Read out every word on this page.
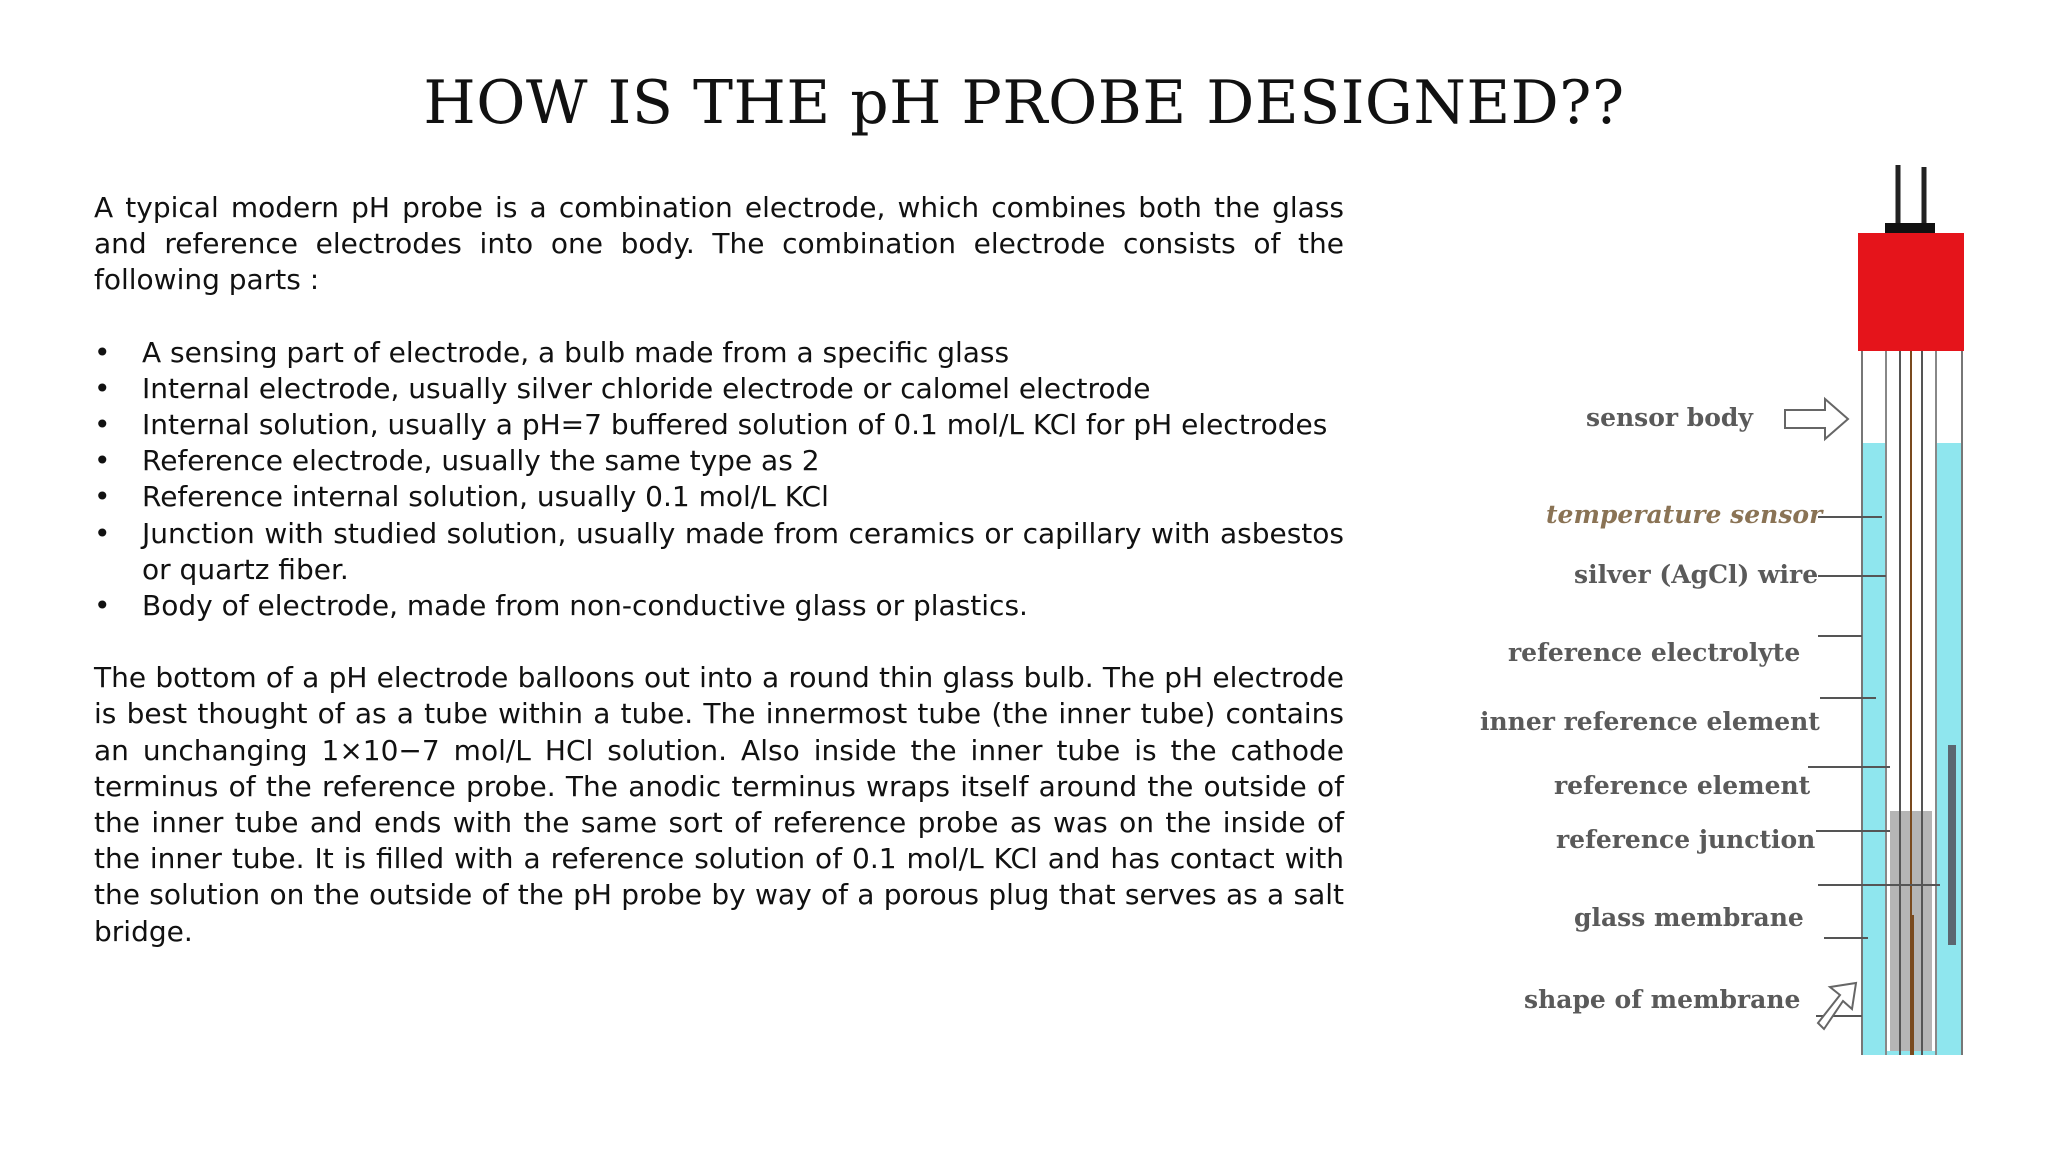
HOW IS THE pH PROBE DESIGNED??

A typical modern pH probe is a combination electrode, which combines both the glass and reference electrodes into one body. The combination electrode consists of the following parts :

• A sensing part of electrode, a bulb made from a specific glass
• Internal electrode, usually silver chloride electrode or calomel electrode
• Internal solution, usually a pH=7 buffered solution of 0.1 mol/L KCl for pH electrodes
• Reference electrode, usually the same type as 2
• Reference internal solution, usually 0.1 mol/L KCl
• Junction with studied solution, usually made from ceramics or capillary with asbestos or quartz fiber.
• Body of electrode, made from non-conductive glass or plastics.

The bottom of a pH electrode balloons out into a round thin glass bulb. The pH electrode is best thought of as a tube within a tube. The innermost tube (the inner tube) contains an unchanging 1×10−7 mol/L HCl solution. Also inside the inner tube is the cathode terminus of the reference probe. The anodic terminus wraps itself around the outside of the inner tube and ends with the same sort of reference probe as was on the inside of the inner tube. It is filled with a reference solution of 0.1 mol/L KCl and has contact with the solution on the outside of the pH probe by way of a porous plug that serves as a salt bridge.

sensor body
temperature sensor
silver (AgCl) wire
reference electrolyte
inner reference element
reference element
reference junction
glass membrane
shape of membrane
